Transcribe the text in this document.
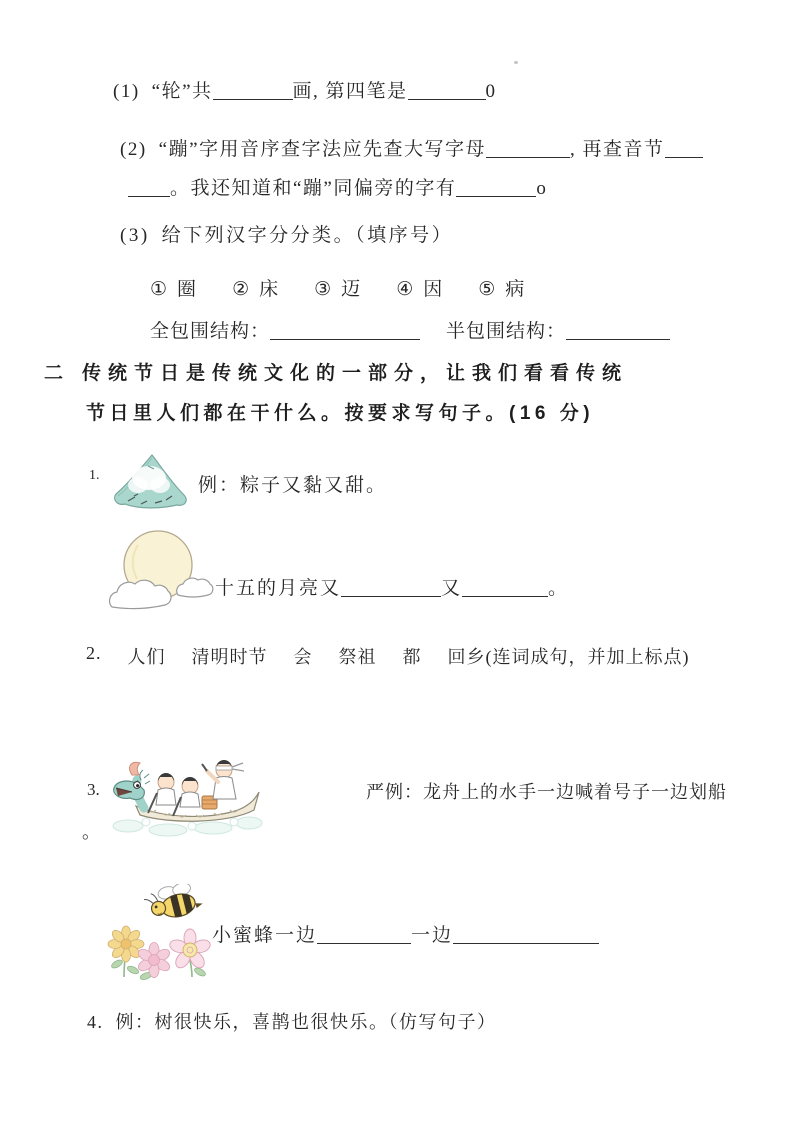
(1) “轮”共	画, 第四笔是	0
(2) “蹦”字用音序查字法应先查大写字母	, 再查音节
。我还知道和“蹦”同偏旁的字有	o
(3) 给下列汉字分分类。（填序号）
① 圈 ② 床 ③ 迈 ④ 因 ⑤ 病
全包围结构：	半包围结构：
二 传统节日是传统文化的一部分，让我们看看传统
节日里人们都在干什么。按要求写句子。(16 分)
1.	例：粽子又黏又甜。
十五的月亮又	又	。
2. 人们 清明时节 会 祭祖 都 回乡(连词成句，并加上标点)
3.	严例：龙舟上的水手一边喊着号子一边划船
。
小蜜蜂一边	一边
4. 例：树很快乐，喜鹊也很快乐。（仿写句子）
